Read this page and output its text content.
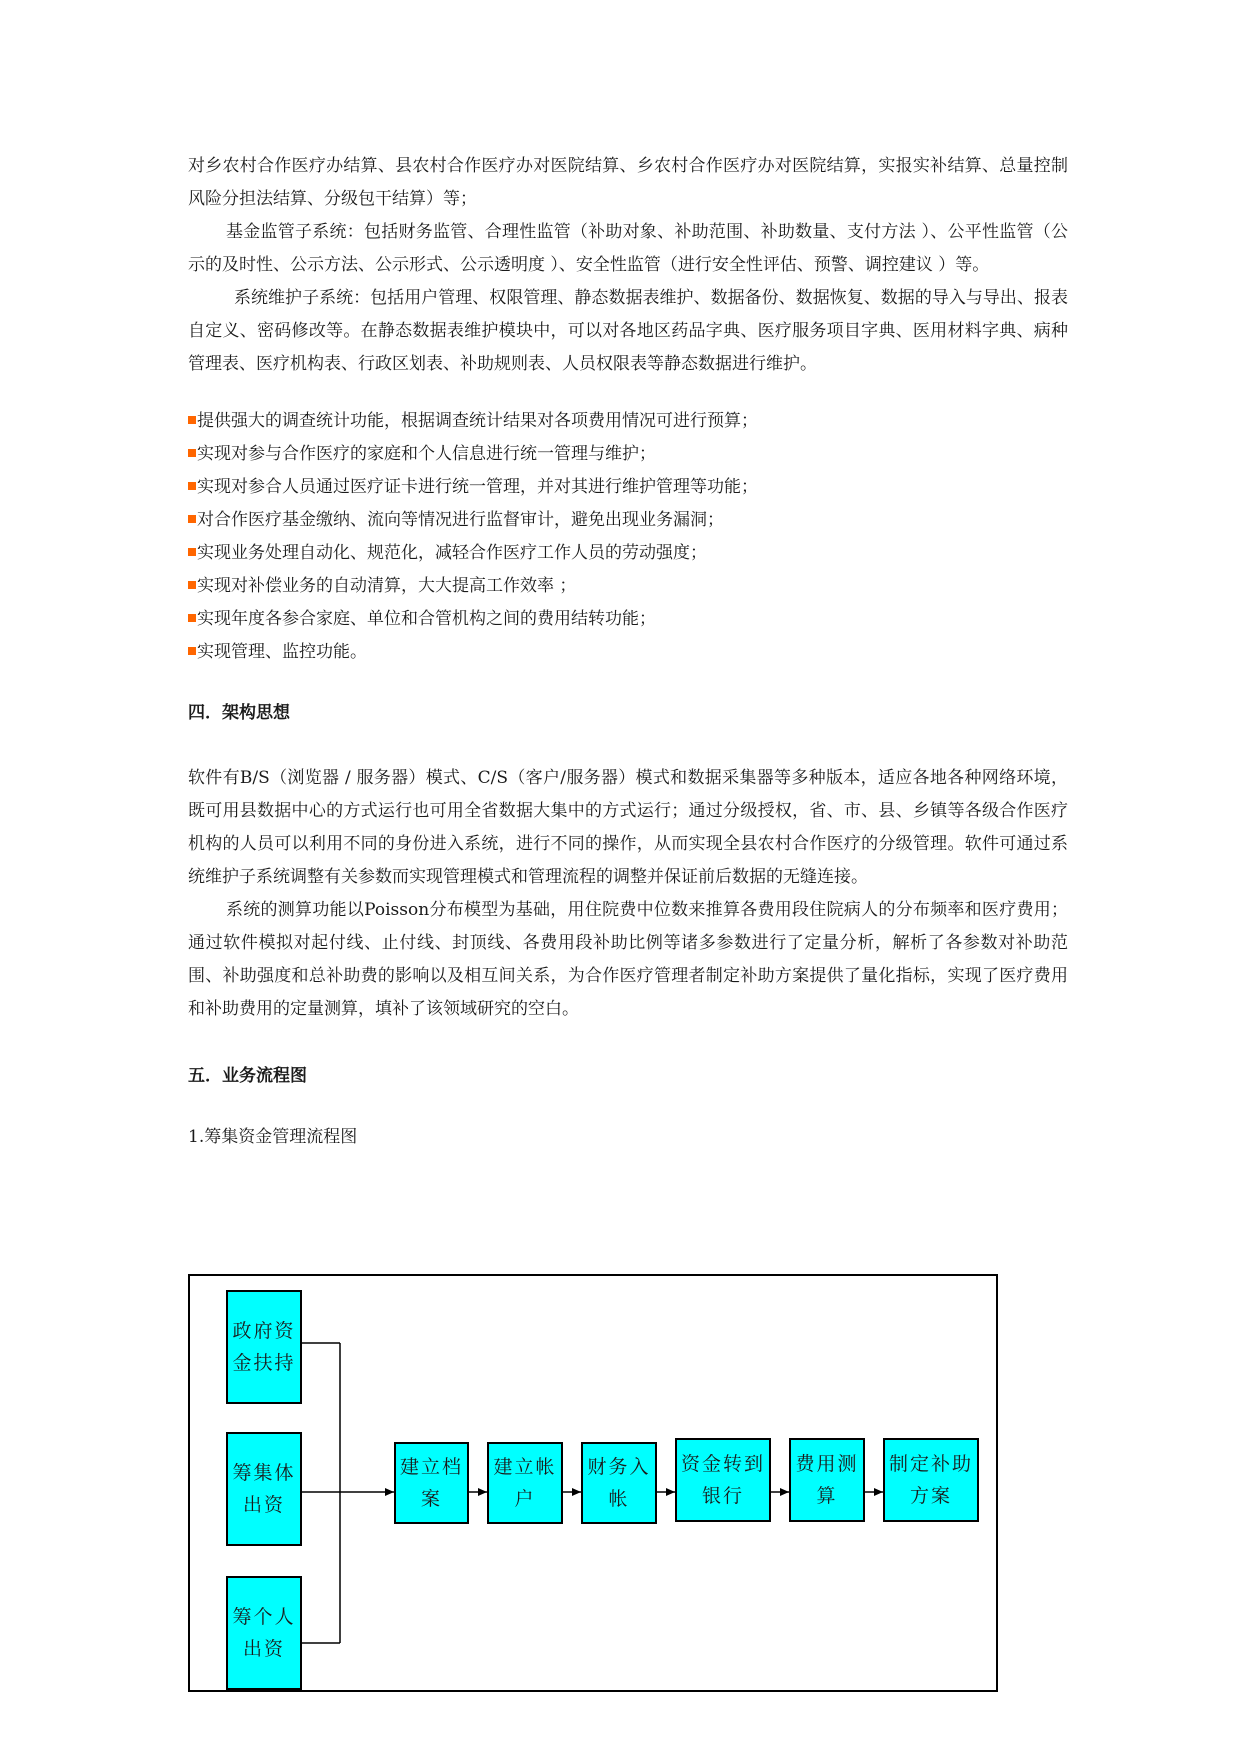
对乡农村合作医疗办结算、县农村合作医疗办对医院结算、乡农村合作医疗办对医院结算，实报实补结算、总量控制风险分担法结算、分级包干结算）等；

基金监管子系统：包括财务监管、合理性监管（补助对象、补助范围、补助数量、支付方法 ）、公平性监管（公示的及时性、公示方法、公示形式、公示透明度 ）、安全性监管（进行安全性评估、预警、调控建议 ）等。

系统维护子系统：包括用户管理、权限管理、静态数据表维护、数据备份、数据恢复、数据的导入与导出、报表自定义、密码修改等。在静态数据表维护模块中，可以对各地区药品字典、医疗服务项目字典、医用材料字典、病种管理表、医疗机构表、行政区划表、补助规则表、人员权限表等静态数据进行维护。

提供强大的调查统计功能，根据调查统计结果对各项费用情况可进行预算；
实现对参与合作医疗的家庭和个人信息进行统一管理与维护；
实现对参合人员通过医疗证卡进行统一管理，并对其进行维护管理等功能；
对合作医疗基金缴纳、流向等情况进行监督审计，避免出现业务漏洞；
实现业务处理自动化、规范化，减轻合作医疗工作人员的劳动强度；
实现对补偿业务的自动清算，大大提高工作效率 ；
实现年度各参合家庭、单位和合管机构之间的费用结转功能；
实现管理、监控功能。
四．架构思想

软件有B/S（浏览器 / 服务器）模式、C/S（客户/服务器）模式和数据采集器等多种版本，适应各地各种网络环境，既可用县数据中心的方式运行也可用全省数据大集中的方式运行；通过分级授权，省、市、县、乡镇等各级合作医疗机构的人员可以利用不同的身份进入系统，进行不同的操作，从而实现全县农村合作医疗的分级管理。软件可通过系统维护子系统调整有关参数而实现管理模式和管理流程的调整并保证前后数据的无缝连接。

系统的测算功能以Poisson分布模型为基础，用住院费中位数来推算各费用段住院病人的分布频率和医疗费用；通过软件模拟对起付线、止付线、封顶线、各费用段补助比例等诸多参数进行了定量分析，解析了各参数对补助范围、补助强度和总补助费的影响以及相互间关系，为合作医疗管理者制定补助方案提供了量化指标，实现了医疗费用和补助费用的定量测算，填补了该领域研究的空白。

五．业务流程图

1.筹集资金管理流程图

政府资金扶持
筹集体出资
筹个人出资
建立档案
建立帐户
财务入帐
资金转到银行
费用测算
制定补助方案
